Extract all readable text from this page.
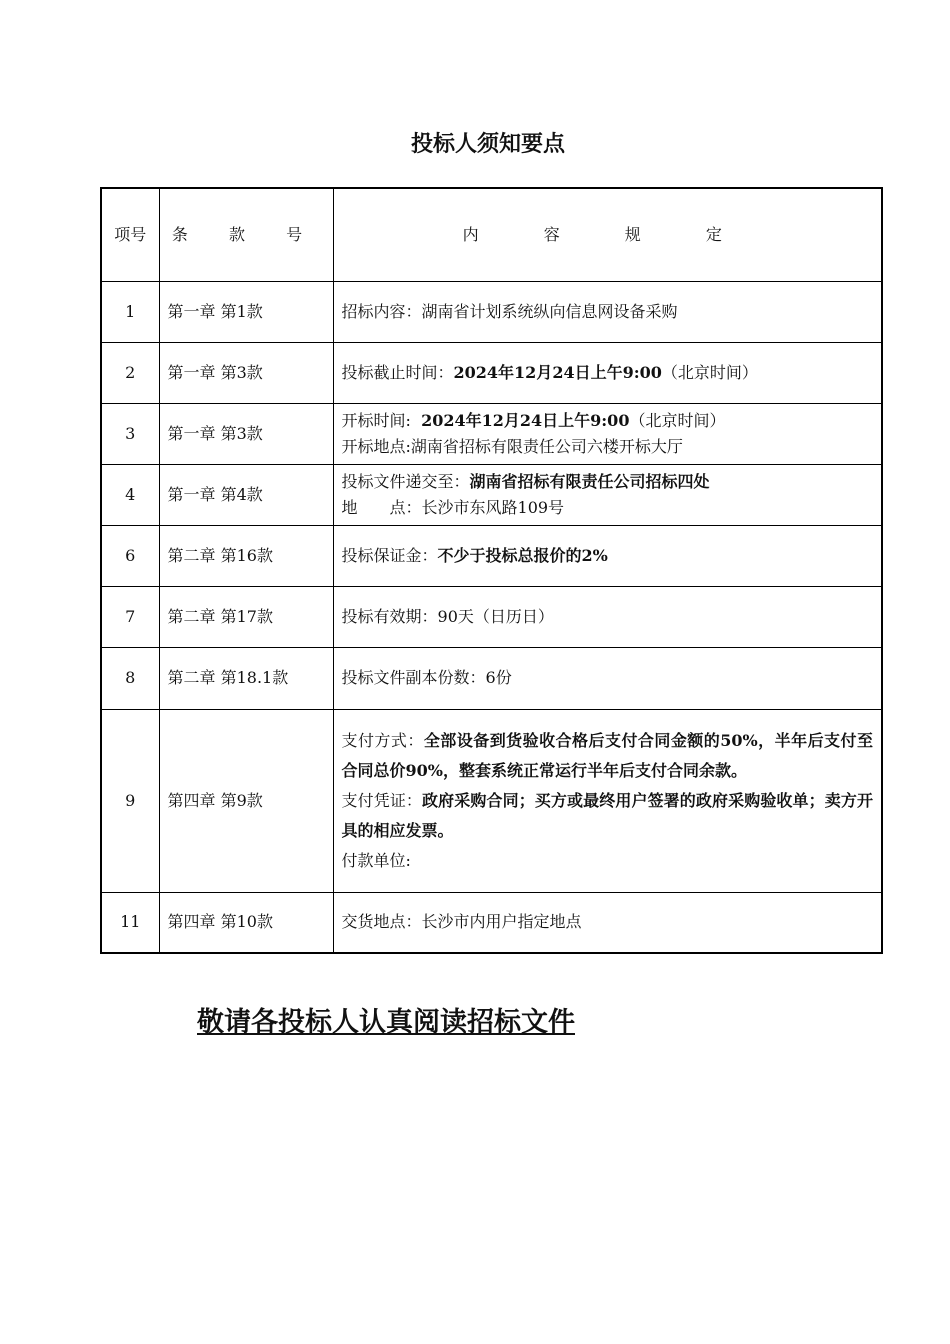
投标人须知要点
项号	条 款 号	内 容 规 定
1	第一章 第1款	招标内容：湖南省计划系统纵向信息网设备采购
2	第一章 第3款	投标截止时间：2024年12月24日上午9:00（北京时间）
3	第一章 第3款	开标时间:  2024年12月24日上午9:00（北京时间）
开标地点:湖南省招标有限责任公司六楼开标大厅

4	第一章 第4款	投标文件递交至：湖南省招标有限责任公司招标四处
地　　点：长沙市东风路109号

6	第二章 第16款	投标保证金：不少于投标总报价的2%
7	第二章 第17款	投标有效期：90天（日历日）
8	第二章 第18.1款	投标文件副本份数：6份
9	第四章 第9款	支付方式：全部设备到货验收合格后支付合同金额的50%，半年后支付至合同总价90%，整套系统正常运行半年后支付合同余款。
支付凭证：政府采购合同；买方或最终用户签署的政府采购验收单；卖方开具的相应发票。
付款单位:

11	第四章 第10款	交货地点：长沙市内用户指定地点
敬请各投标人认真阅读招标文件
